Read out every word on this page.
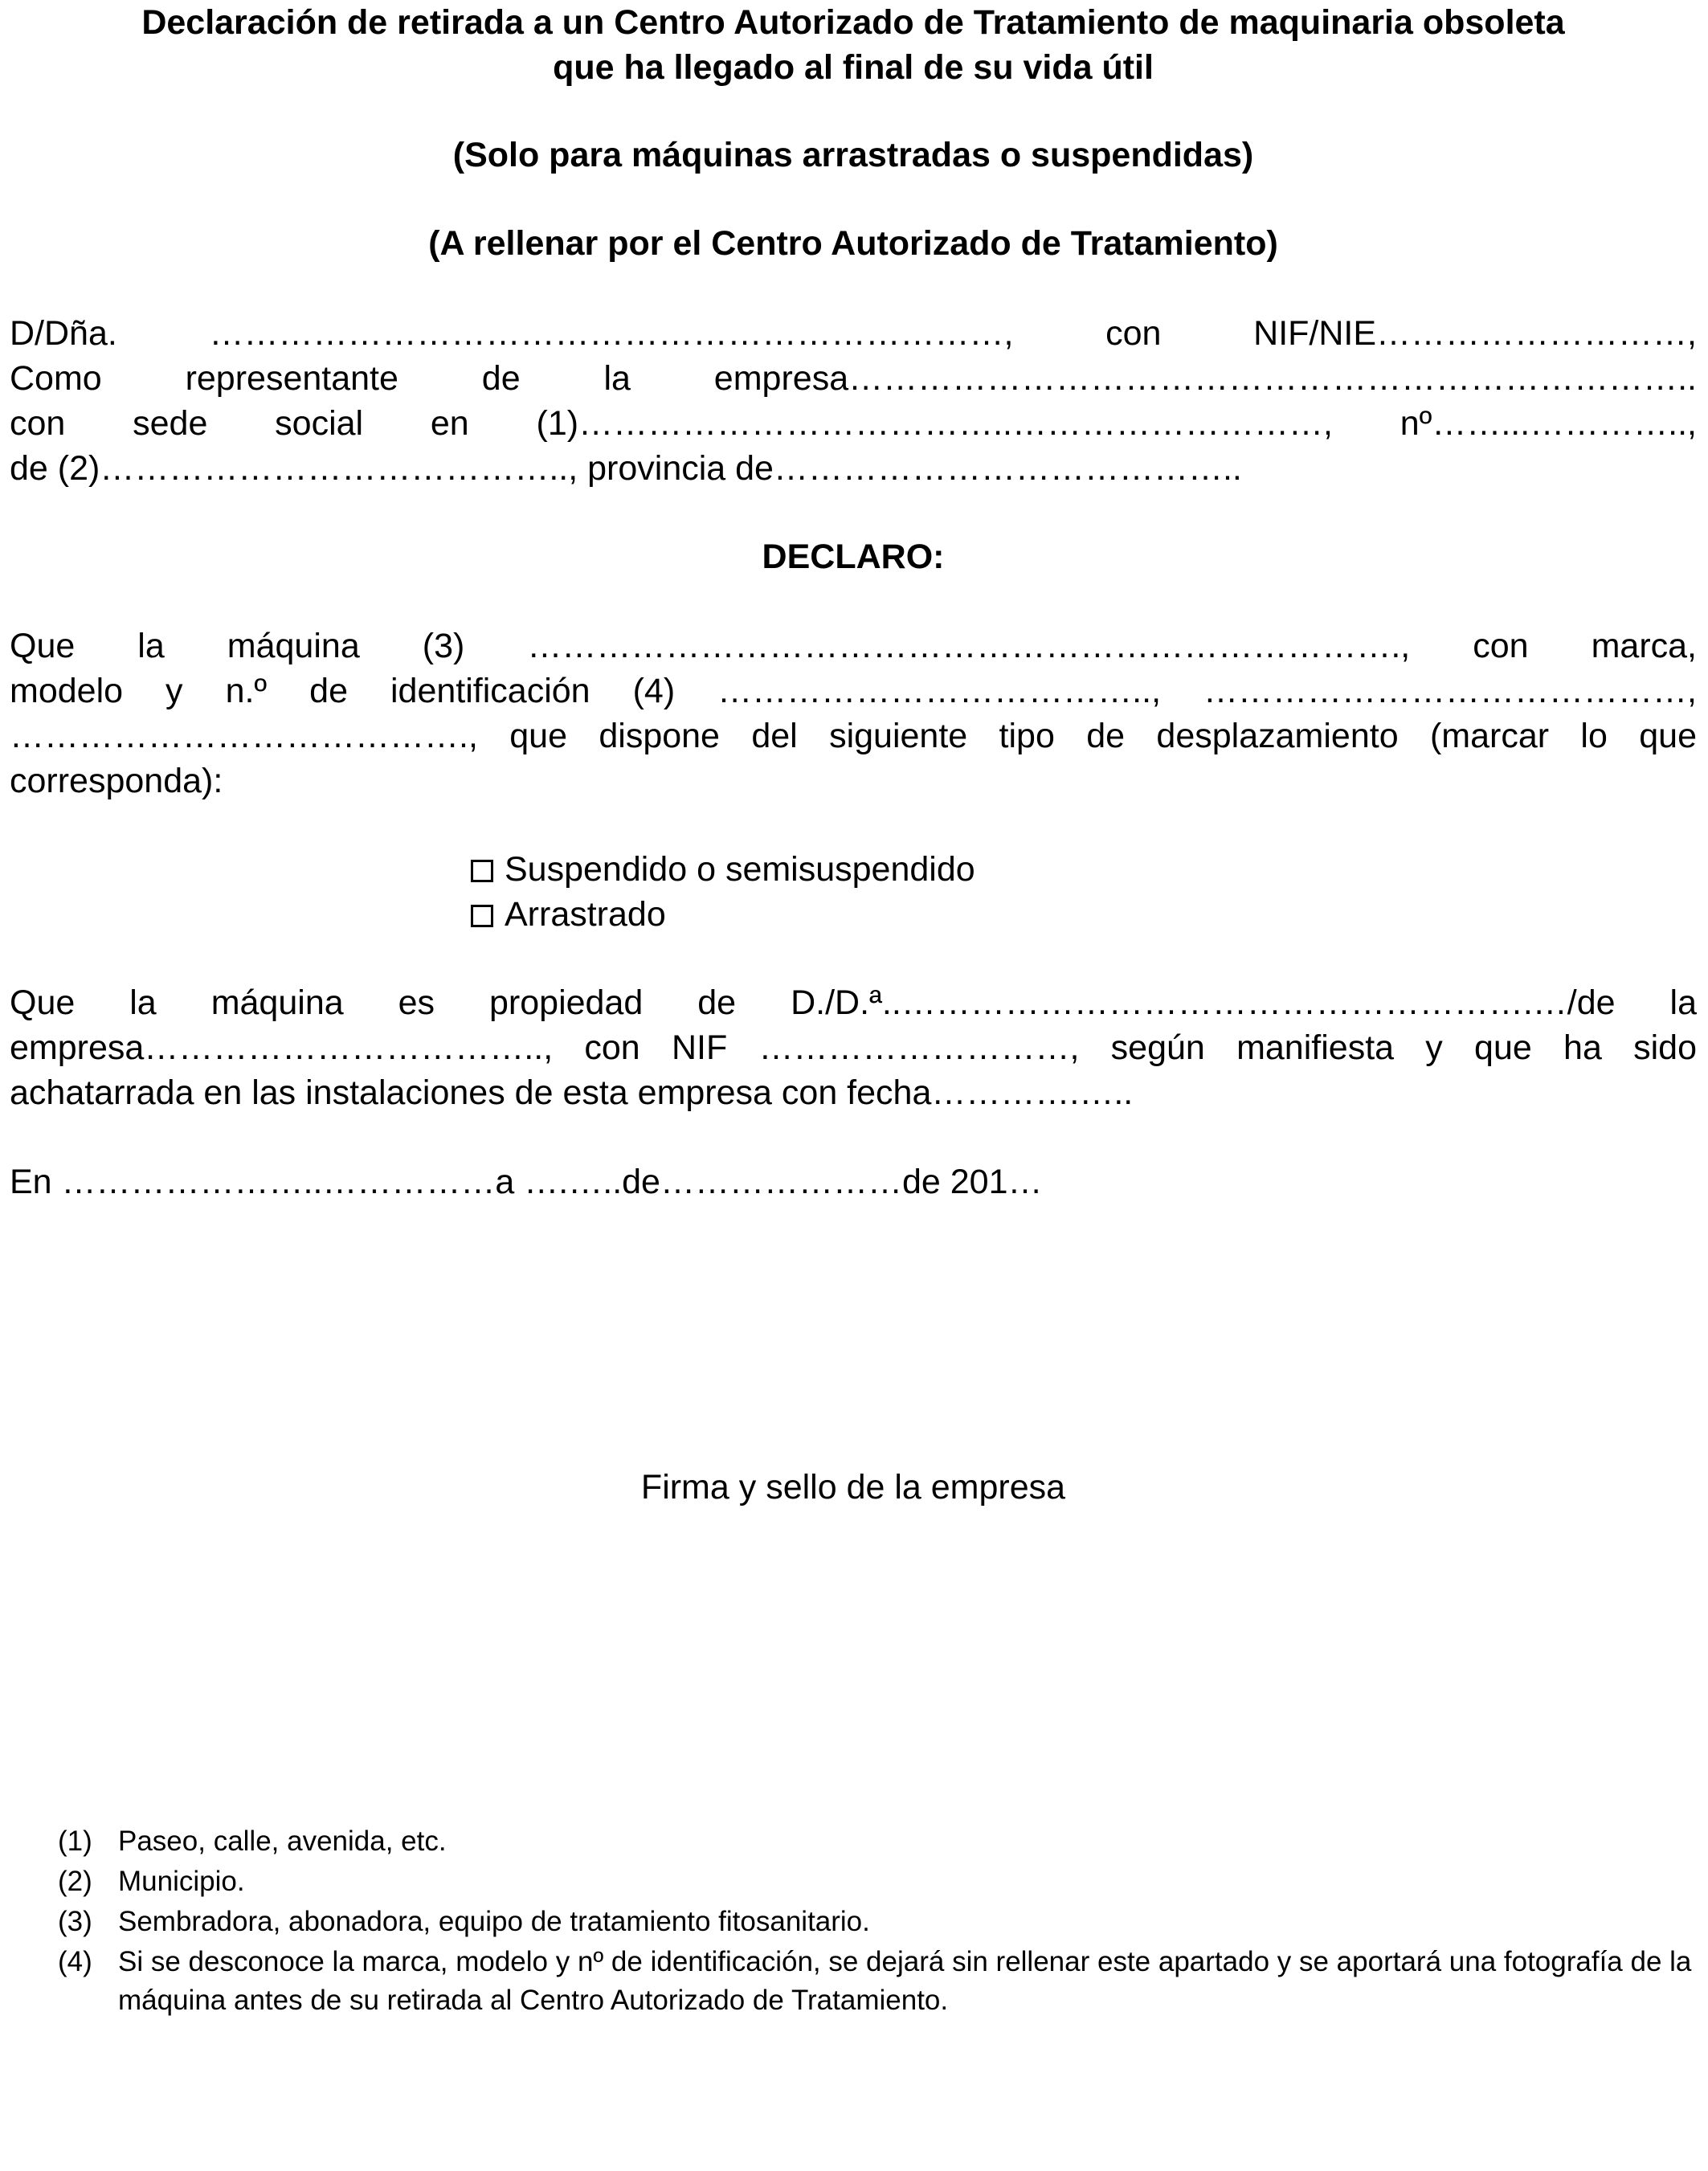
Declaración de retirada a un Centro Autorizado de Tratamiento de maquinaria obsoleta
que ha llegado al final de su vida útil
(Solo para máquinas arrastradas o suspendidas)
(A rellenar por el Centro Autorizado de Tratamiento)
D/Dña. ……………………………………………………………, con NIF/NIE………………………,
Como representante de la empresa………………………………………………………………..
con sede social en (1)………………………………..………………………, nº……...…………..,
de (2)………………………………….., provincia de…………………………………..
DECLARO:
Que la máquina (3) …………………………………………………………………., con marca,
modelo y n.º de identificación (4) ……………………………….., ……………………………………,
…………………………………., que dispone del siguiente tipo de desplazamiento (marcar lo que
corresponda):
Suspendido o semisuspendido
Arrastrado
Que la máquina es propiedad de D./D.ª..……………………………………………….…/de la
empresa…………………………….., con NIF ………………………, según manifiesta y que ha sido
achatarrada en las instalaciones de esta empresa con fecha………….…..
En …………………..……………a ….…..de…………………de 201…
Firma y sello de la empresa
(1) Paseo, calle, avenida, etc.
(2) Municipio.
(3) Sembradora, abonadora, equipo de tratamiento fitosanitario.
(4) Si se desconoce la marca, modelo y nº de identificación, se dejará sin rellenar este apartado y se aportará una fotografía de la máquina antes de su retirada al Centro Autorizado de Tratamiento.
